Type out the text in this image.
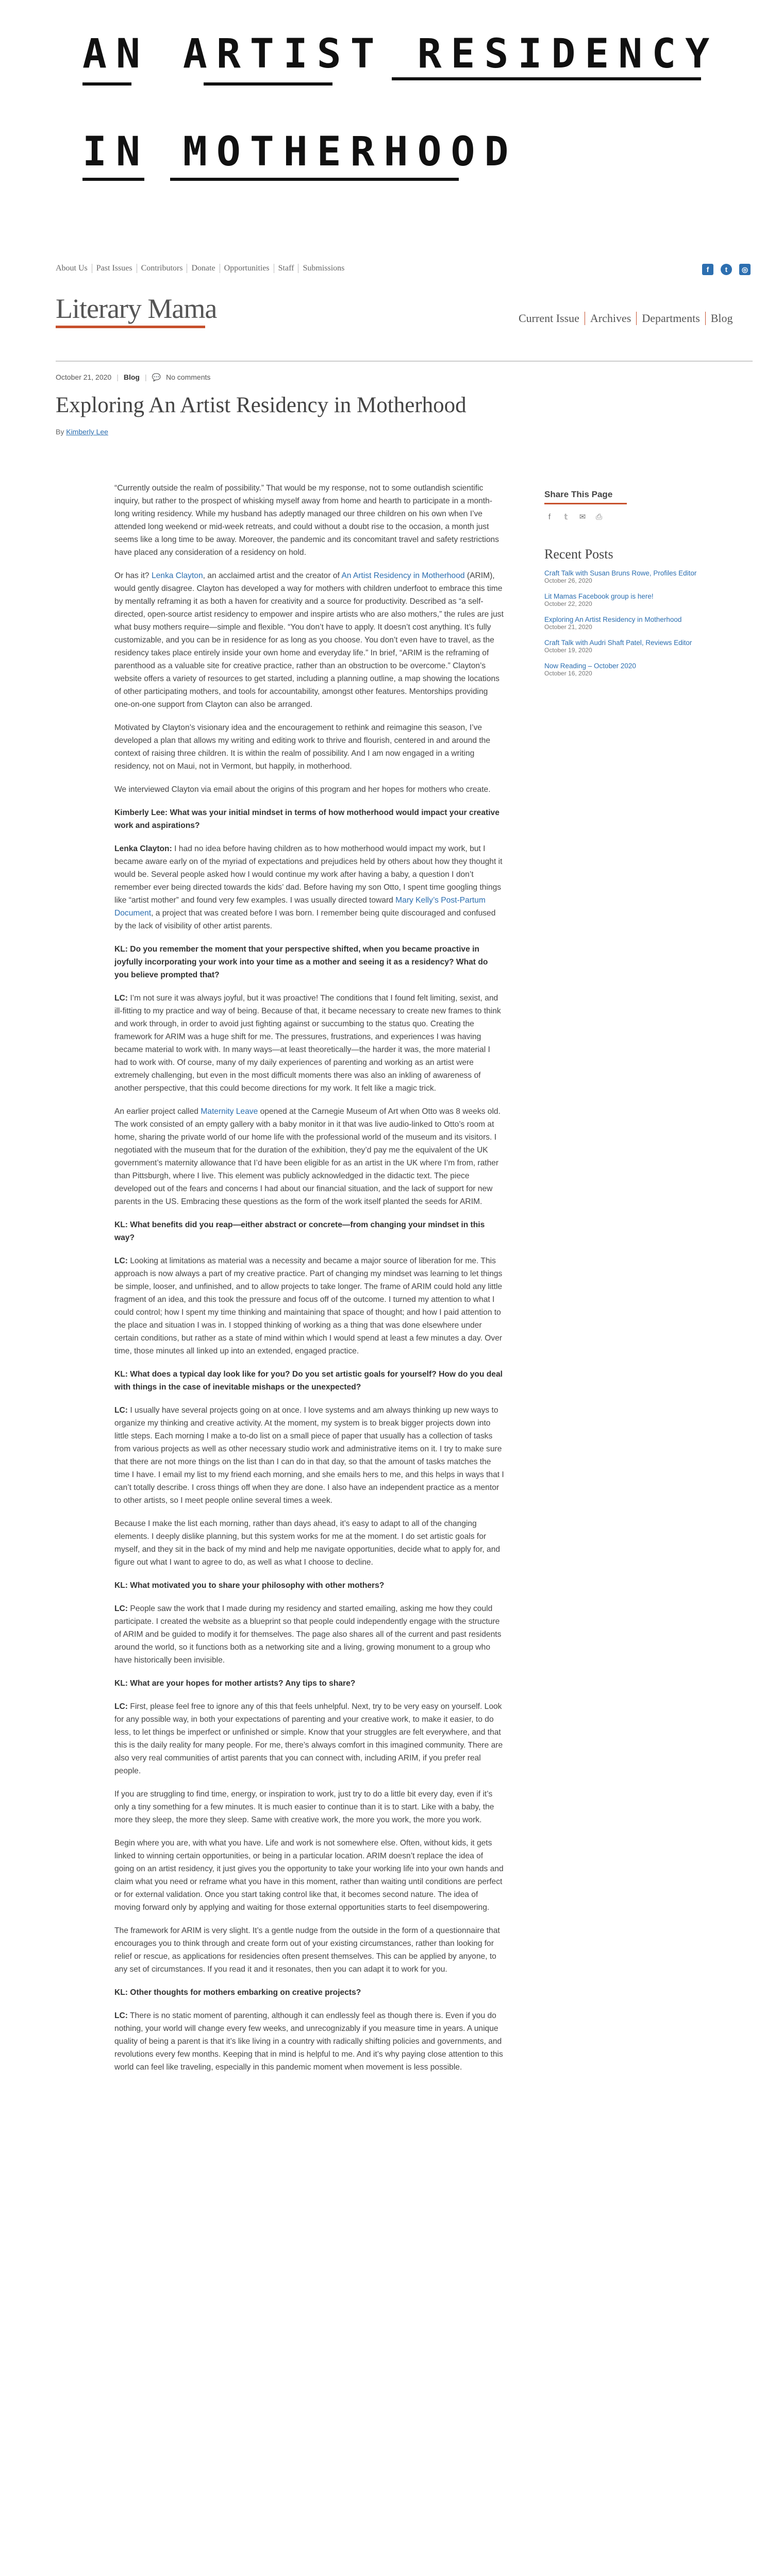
AN ARTIST RESIDENCY
IN MOTHERHOOD
About Us	Past Issues	Contributors	Donate	Opportunities	Staff	Submissions	f	t	◎
Literary Mama	Current Issue Archives Departments Blog
October 21, 2020 | Blog | 💬 No comments
Exploring An Artist Residency in Motherhood
By Kimberly Lee

“Currently outside the realm of possibility.” That would be my response, not to some outlandish scientific inquiry, but rather to the prospect of whisking myself away from home and hearth to participate in a month-long writing residency. While my husband has adeptly managed our three children on his own when I’ve attended long weekend or mid-week retreats, and could without a doubt rise to the occasion, a month just seems like a long time to be away. Moreover, the pandemic and its concomitant travel and safety restrictions have placed any consideration of a residency on hold.

Or has it? Lenka Clayton, an acclaimed artist and the creator of An Artist Residency in Motherhood (ARIM), would gently disagree. Clayton has developed a way for mothers with children underfoot to embrace this time by mentally reframing it as both a haven for creativity and a source for productivity. Described as “a self-directed, open-source artist residency to empower and inspire artists who are also mothers,” the rules are just what busy mothers require—simple and flexible. “You don’t have to apply. It doesn’t cost anything. It’s fully customizable, and you can be in residence for as long as you choose. You don’t even have to travel, as the residency takes place entirely inside your own home and everyday life.” In brief, “ARIM is the reframing of parenthood as a valuable site for creative practice, rather than an obstruction to be overcome.” Clayton’s website offers a variety of resources to get started, including a planning outline, a map showing the locations of other participating mothers, and tools for accountability, amongst other features. Mentorships providing one-on-one support from Clayton can also be arranged.

Motivated by Clayton’s visionary idea and the encouragement to rethink and reimagine this season, I’ve developed a plan that allows my writing and editing work to thrive and flourish, centered in and around the context of raising three children. It is within the realm of possibility. And I am now engaged in a writing residency, not on Maui, not in Vermont, but happily, in motherhood.

We interviewed Clayton via email about the origins of this program and her hopes for mothers who create.

Kimberly Lee: What was your initial mindset in terms of how motherhood would impact your creative work and aspirations?

Lenka Clayton: I had no idea before having children as to how motherhood would impact my work, but I became aware early on of the myriad of expectations and prejudices held by others about how they thought it would be. Several people asked how I would continue my work after having a baby, a question I don’t remember ever being directed towards the kids’ dad. Before having my son Otto, I spent time googling things like “artist mother” and found very few examples. I was usually directed toward Mary Kelly’s Post-Partum Document, a project that was created before I was born. I remember being quite discouraged and confused by the lack of visibility of other artist parents.

KL: Do you remember the moment that your perspective shifted, when you became proactive in joyfully incorporating your work into your time as a mother and seeing it as a residency? What do you believe prompted that?

LC: I’m not sure it was always joyful, but it was proactive! The conditions that I found felt limiting, sexist, and ill-fitting to my practice and way of being. Because of that, it became necessary to create new frames to think and work through, in order to avoid just fighting against or succumbing to the status quo. Creating the framework for ARIM was a huge shift for me. The pressures, frustrations, and experiences I was having became material to work with. In many ways—at least theoretically—the harder it was, the more material I had to work with. Of course, many of my daily experiences of parenting and working as an artist were extremely challenging, but even in the most difficult moments there was also an inkling of awareness of another perspective, that this could become directions for my work. It felt like a magic trick.

An earlier project called Maternity Leave opened at the Carnegie Museum of Art when Otto was 8 weeks old. The work consisted of an empty gallery with a baby monitor in it that was live audio-linked to Otto’s room at home, sharing the private world of our home life with the professional world of the museum and its visitors. I negotiated with the museum that for the duration of the exhibition, they’d pay me the equivalent of the UK government’s maternity allowance that I’d have been eligible for as an artist in the UK where I’m from, rather than Pittsburgh, where I live. This element was publicly acknowledged in the didactic text. The piece developed out of the fears and concerns I had about our financial situation, and the lack of support for new parents in the US. Embracing these questions as the form of the work itself planted the seeds for ARIM.

KL: What benefits did you reap—either abstract or concrete—from changing your mindset in this way?

LC: Looking at limitations as material was a necessity and became a major source of liberation for me. This approach is now always a part of my creative practice. Part of changing my mindset was learning to let things be simple, looser, and unfinished, and to allow projects to take longer. The frame of ARIM could hold any little fragment of an idea, and this took the pressure and focus off of the outcome. I turned my attention to what I could control; how I spent my time thinking and maintaining that space of thought; and how I paid attention to the place and situation I was in. I stopped thinking of working as a thing that was done elsewhere under certain conditions, but rather as a state of mind within which I would spend at least a few minutes a day. Over time, those minutes all linked up into an extended, engaged practice.

KL: What does a typical day look like for you? Do you set artistic goals for yourself? How do you deal with things in the case of inevitable mishaps or the unexpected?

LC: I usually have several projects going on at once. I love systems and am always thinking up new ways to organize my thinking and creative activity. At the moment, my system is to break bigger projects down into little steps. Each morning I make a to-do list on a small piece of paper that usually has a collection of tasks from various projects as well as other necessary studio work and administrative items on it. I try to make sure that there are not more things on the list than I can do in that day, so that the amount of tasks matches the time I have. I email my list to my friend each morning, and she emails hers to me, and this helps in ways that I can’t totally describe. I cross things off when they are done. I also have an independent practice as a mentor to other artists, so I meet people online several times a week.

Because I make the list each morning, rather than days ahead, it’s easy to adapt to all of the changing elements. I deeply dislike planning, but this system works for me at the moment. I do set artistic goals for myself, and they sit in the back of my mind and help me navigate opportunities, decide what to apply for, and figure out what I want to agree to do, as well as what I choose to decline.

KL: What motivated you to share your philosophy with other mothers?

LC: People saw the work that I made during my residency and started emailing, asking me how they could participate. I created the website as a blueprint so that people could independently engage with the structure of ARIM and be guided to modify it for themselves. The page also shares all of the current and past residents around the world, so it functions both as a networking site and a living, growing monument to a group who have historically been invisible.

KL: What are your hopes for mother artists? Any tips to share?

LC: First, please feel free to ignore any of this that feels unhelpful. Next, try to be very easy on yourself. Look for any possible way, in both your expectations of parenting and your creative work, to make it easier, to do less, to let things be imperfect or unfinished or simple. Know that your struggles are felt everywhere, and that this is the daily reality for many people. For me, there’s always comfort in this imagined community. There are also very real communities of artist parents that you can connect with, including ARIM, if you prefer real people.

If you are struggling to find time, energy, or inspiration to work, just try to do a little bit every day, even if it’s only a tiny something for a few minutes. It is much easier to continue than it is to start. Like with a baby, the more they sleep, the more they sleep. Same with creative work, the more you work, the more you work.

Begin where you are, with what you have. Life and work is not somewhere else. Often, without kids, it gets linked to winning certain opportunities, or being in a particular location. ARIM doesn’t replace the idea of going on an artist residency, it just gives you the opportunity to take your working life into your own hands and claim what you need or reframe what you have in this moment, rather than waiting until conditions are perfect or for external validation. Once you start taking control like that, it becomes second nature. The idea of moving forward only by applying and waiting for those external opportunities starts to feel disempowering.

The framework for ARIM is very slight. It’s a gentle nudge from the outside in the form of a questionnaire that encourages you to think through and create form out of your existing circumstances, rather than looking for relief or rescue, as applications for residencies often present themselves. This can be applied by anyone, to any set of circumstances. If you read it and it resonates, then you can adapt it to work for you.

KL: Other thoughts for mothers embarking on creative projects?

LC: There is no static moment of parenting, although it can endlessly feel as though there is. Even if you do nothing, your world will change every few weeks, and unrecognizably if you measure time in years. A unique quality of being a parent is that it’s like living in a country with radically shifting policies and governments, and revolutions every few months. Keeping that in mind is helpful to me. And it’s why paying close attention to this world can feel like traveling, especially in this pandemic moment when movement is less possible.

Share This Page
f	𝕥	✉ ⎙
Recent Posts
Craft Talk with Susan Bruns Rowe, Profiles Editor
October 26, 2020
Lit Mamas Facebook group is here!
October 22, 2020
Exploring An Artist Residency in Motherhood
October 21, 2020
Craft Talk with Audri Shaft Patel, Reviews Editor
October 19, 2020
Now Reading – October 2020
October 16, 2020
